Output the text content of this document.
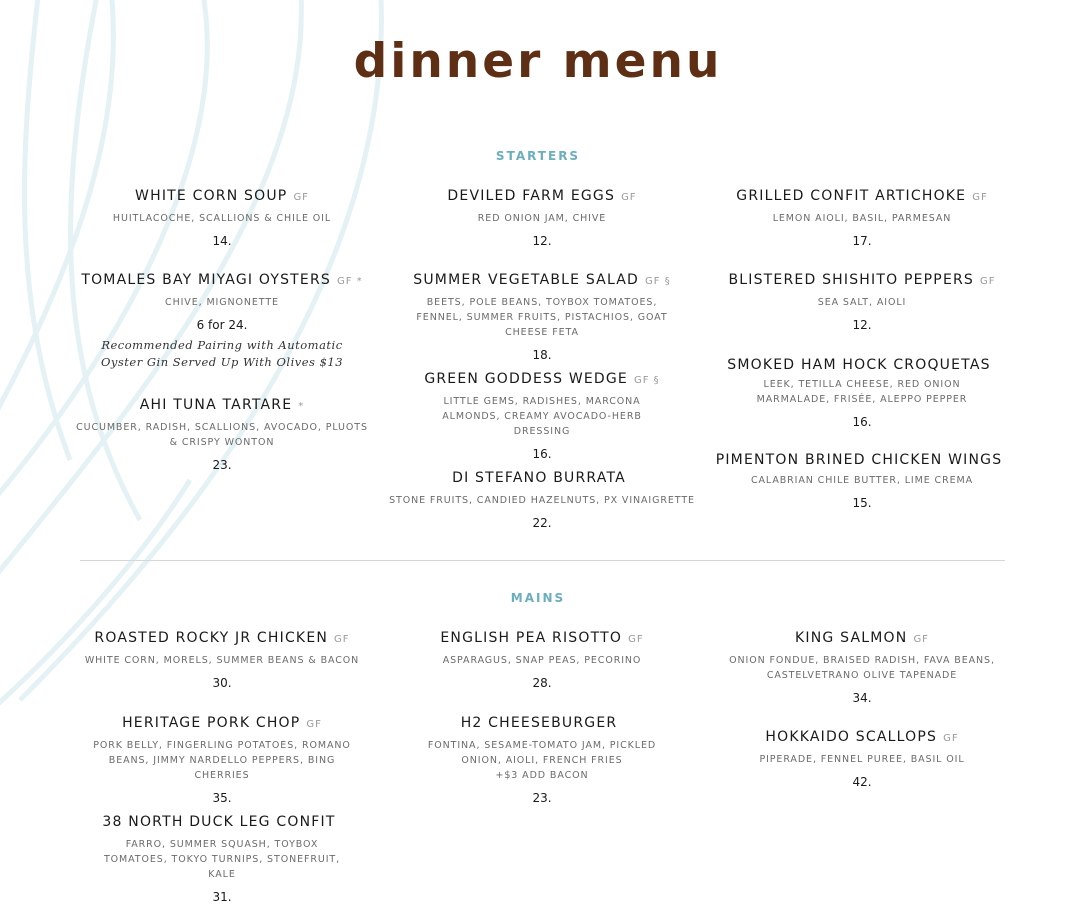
dinner menu
STARTERS
WHITE CORN SOUP GF
HUITLACOCHE, SCALLIONS & CHILE OIL
14.
TOMALES BAY MIYAGI OYSTERS GF *
CHIVE, MIGNONETTE
6 for 24.
Recommended Pairing with Automatic Oyster Gin Served Up With Olives $13
AHI TUNA TARTARE *
CUCUMBER, RADISH, SCALLIONS, AVOCADO, PLUOTS & CRISPY WONTON
23.
DEVILED FARM EGGS GF
RED ONION JAM, CHIVE
12.
SUMMER VEGETABLE SALAD GF §
BEETS, POLE BEANS, TOYBOX TOMATOES, FENNEL, SUMMER FRUITS, PISTACHIOS, GOAT CHEESE FETA
18.
GREEN GODDESS WEDGE GF §
LITTLE GEMS, RADISHES, MARCONA ALMONDS, CREAMY AVOCADO-HERB DRESSING
16.
DI STEFANO BURRATA
STONE FRUITS, CANDIED HAZELNUTS, PX VINAIGRETTE
22.
GRILLED CONFIT ARTICHOKE GF
LEMON AIOLI, BASIL, PARMESAN
17.
BLISTERED SHISHITO PEPPERS GF
SEA SALT, AIOLI
12.
SMOKED HAM HOCK CROQUETAS
LEEK, TETILLA CHEESE, RED ONION MARMALADE, FRISÉE, ALEPPO PEPPER
16.
PIMENTON BRINED CHICKEN WINGS
CALABRIAN CHILE BUTTER, LIME CREMA
15.
MAINS
ROASTED ROCKY JR CHICKEN GF
WHITE CORN, MORELS, SUMMER BEANS & BACON
30.
HERITAGE PORK CHOP GF
PORK BELLY, FINGERLING POTATOES, ROMANO BEANS, JIMMY NARDELLO PEPPERS, BING CHERRIES
35.
38 NORTH DUCK LEG CONFIT
FARRO, SUMMER SQUASH, TOYBOX TOMATOES, TOKYO TURNIPS, STONEFRUIT, KALE
31.
ENGLISH PEA RISOTTO GF
ASPARAGUS, SNAP PEAS, PECORINO
28.
H2 CHEESEBURGER
FONTINA, SESAME-TOMATO JAM, PICKLED ONION, AIOLI, FRENCH FRIES
+$3 ADD BACON
23.
KING SALMON GF
ONION FONDUE, BRAISED RADISH, FAVA BEANS, CASTELVETRANO OLIVE TAPENADE
34.
HOKKAIDO SCALLOPS GF
PIPERADE, FENNEL PUREE, BASIL OIL
42.
